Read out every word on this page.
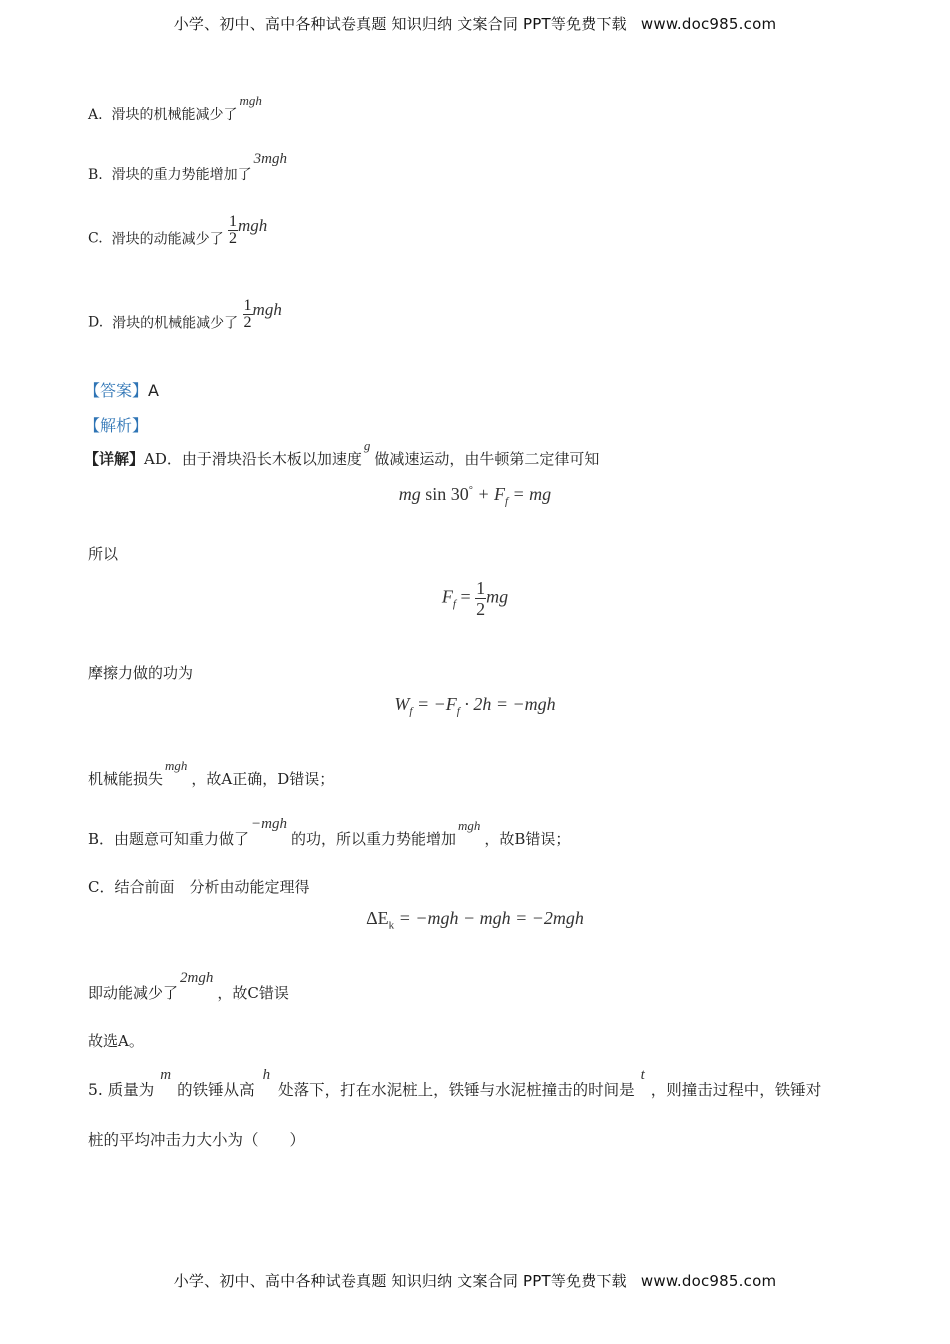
小学、初中、高中各种试卷真题 知识归纳 文案合同 PPT等免费下载 www.doc985.com
A. 滑块的机械能减少了mgh
B. 滑块的重力势能增加了3mgh
C. 滑块的动能减少了 $\frac{1}{2}$ mgh
D. 滑块的机械能减少了 $\frac{1}{2}$ mgh
【答案】A
【解析】
【详解】AD．由于滑块沿长木板以加速度g做减速运动，由牛顿第二定律可知
mg $\sin 30^\circ + F_f$ = mg
所以
$F_f = \frac{1}{2}$ mg
摩擦力做的功为
$W_f = -F_f \cdot 2h = -mgh$
机械能损失mgh，故A正确，D错误；
B．由题意可知重力做了−mgh的功，所以重力势能增加mgh，故B错误；
C．结合前面　分析由动能定理得
$\Delta E_k = -mgh$ − mgh = −2mgh
即动能减少了2mgh，故C错误
故选A。
5. 质量为m的铁锤从高h处落下，打在水泥桩上，铁锤与水泥桩撞击的时间是t，则撞击过程中，铁锤对
桩的平均冲击力大小为（　　）
小学、初中、高中各种试卷真题 知识归纳 文案合同 PPT等免费下载 www.doc985.com
